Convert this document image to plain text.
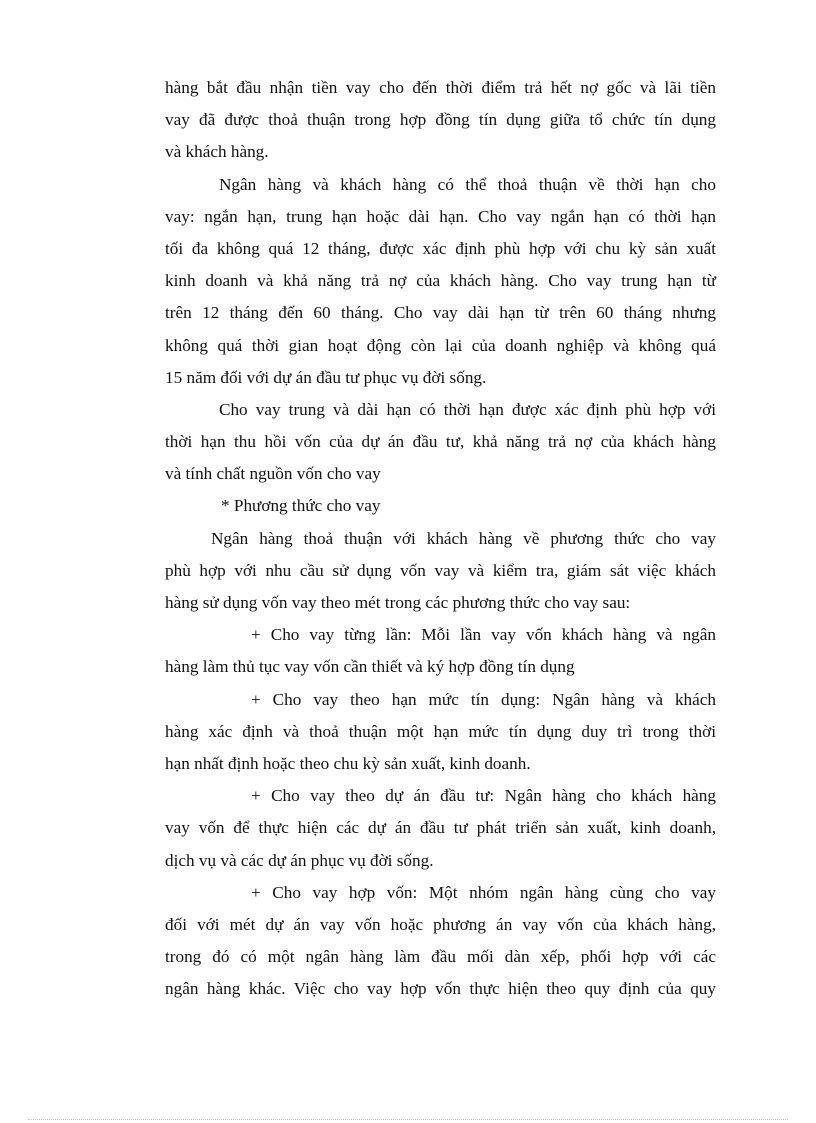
hàng bắt đầu nhận tiền vay cho đến thời điểm trả hết nợ gốc và lãi tiền
vay đã được thoả thuận trong hợp đồng tín dụng giữa tổ chức tín dụng
và khách hàng.
Ngân hàng và khách hàng có thể thoả thuận về thời hạn cho
vay: ngắn hạn, trung hạn hoặc dài hạn. Cho vay ngắn hạn có thời hạn
tối đa không quá 12 tháng, được xác định phù hợp với chu kỳ sản xuất
kinh doanh và khả năng trả nợ của khách hàng. Cho vay trung hạn từ
trên 12 tháng đến 60 tháng. Cho vay dài hạn từ trên 60 tháng nhưng
không quá thời gian hoạt động còn lại của doanh nghiệp và không quá
15 năm đối với dự án đầu tư phục vụ đời sống.
Cho vay trung và dài hạn có thời hạn được xác định phù hợp với
thời hạn thu hồi vốn của dự án đầu tư, khả năng trả nợ của khách hàng
và tính chất nguồn vốn cho vay
* Phương thức cho vay
Ngân hàng thoả thuận với khách hàng về phương thức cho vay
phù hợp với nhu cầu sử dụng vốn vay và kiểm tra, giám sát việc khách
hàng sử dụng vốn vay theo mét trong các phương thức cho vay sau:
+ Cho vay từng lần: Mỗi lần vay vốn khách hàng và ngân
hàng làm thủ tục vay vốn cần thiết và ký hợp đồng tín dụng
+ Cho vay theo hạn mức tín dụng: Ngân hàng và khách
hàng xác định và thoả thuận một hạn mức tín dụng duy trì trong thời
hạn nhất định hoặc theo chu kỳ sản xuất, kinh doanh.
+ Cho vay theo dự án đầu tư: Ngân hàng cho khách hàng
vay vốn để thực hiện các dự án đầu tư phát triển sản xuất, kinh doanh,
dịch vụ và các dự án phục vụ đời sống.
+ Cho vay hợp vốn: Một nhóm ngân hàng cùng cho vay
đối với mét dự án vay vốn hoặc phương án vay vốn của khách hàng,
trong đó có một ngân hàng làm đầu mối dàn xếp, phối hợp với các
ngân hàng khác. Việc cho vay hợp vốn thực hiện theo quy định của quy
